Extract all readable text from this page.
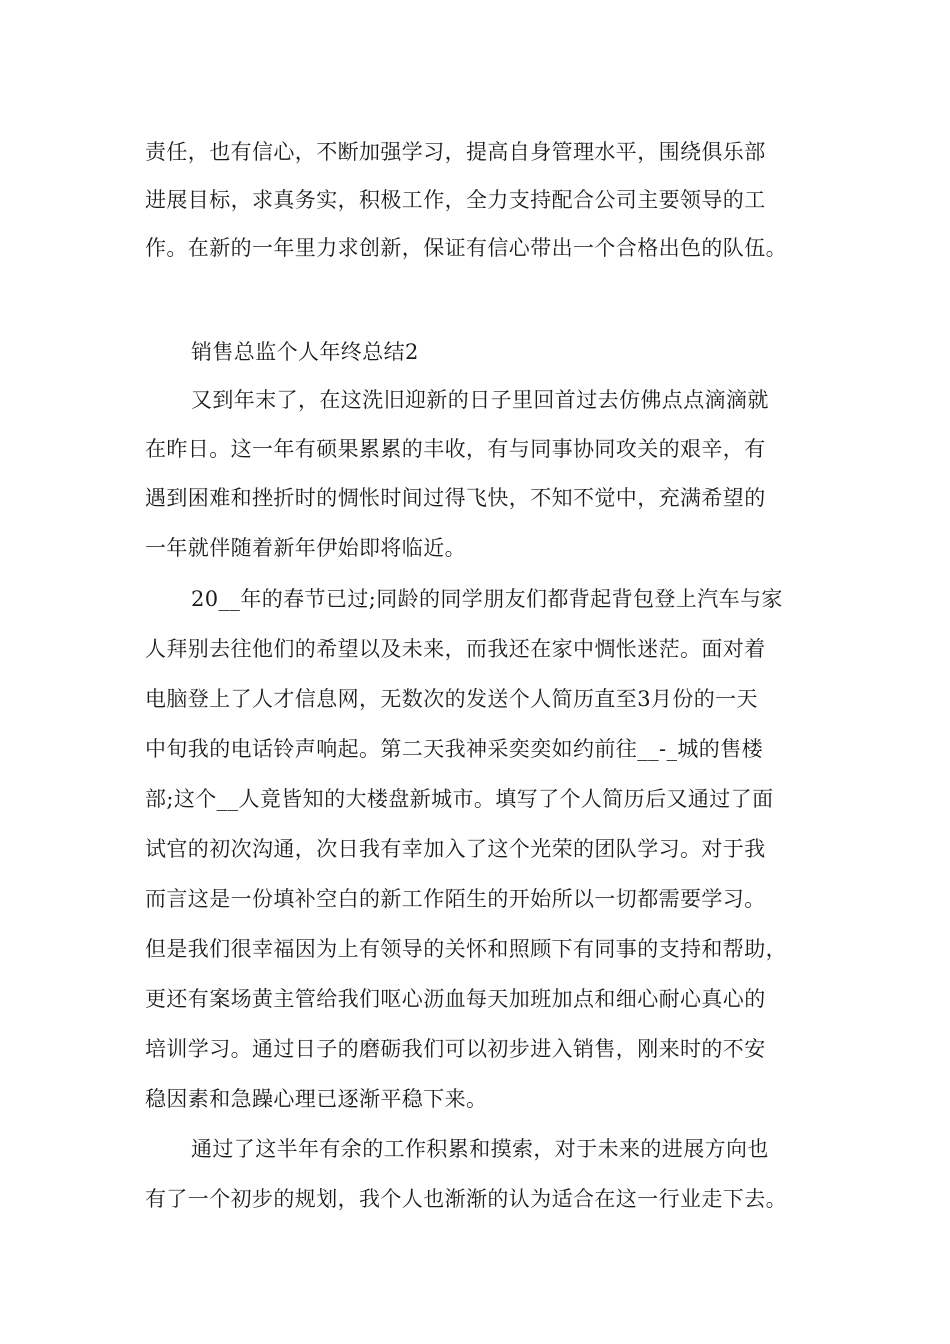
责任，也有信心，不断加强学习，提高自身管理水平，围绕俱乐部
进展目标，求真务实，积极工作，全力支持配合公司主要领导的工
作。在新的一年里力求创新，保证有信心带出一个合格出色的队伍。
销售总监个人年终总结2
又到年末了，在这洗旧迎新的日子里回首过去仿佛点点滴滴就
在昨日。这一年有硕果累累的丰收，有与同事协同攻关的艰辛，有
遇到困难和挫折时的惆怅时间过得飞快，不知不觉中，充满希望的
一年就伴随着新年伊始即将临近。
20__年的春节已过;同龄的同学朋友们都背起背包登上汽车与家
人拜别去往他们的希望以及未来，而我还在家中惆怅迷茫。面对着
电脑登上了人才信息网，无数次的发送个人简历直至3月份的一天
中旬我的电话铃声响起。第二天我神采奕奕如约前往__-_城的售楼
部;这个__人竟皆知的大楼盘新城市。填写了个人简历后又通过了面
试官的初次沟通，次日我有幸加入了这个光荣的团队学习。对于我
而言这是一份填补空白的新工作陌生的开始所以一切都需要学习。
但是我们很幸福因为上有领导的关怀和照顾下有同事的支持和帮助，
更还有案场黄主管给我们呕心沥血每天加班加点和细心耐心真心的
培训学习。通过日子的磨砺我们可以初步进入销售，刚来时的不安
稳因素和急躁心理已逐渐平稳下来。
通过了这半年有余的工作积累和摸索，对于未来的进展方向也
有了一个初步的规划，我个人也渐渐的认为适合在这一行业走下去。
